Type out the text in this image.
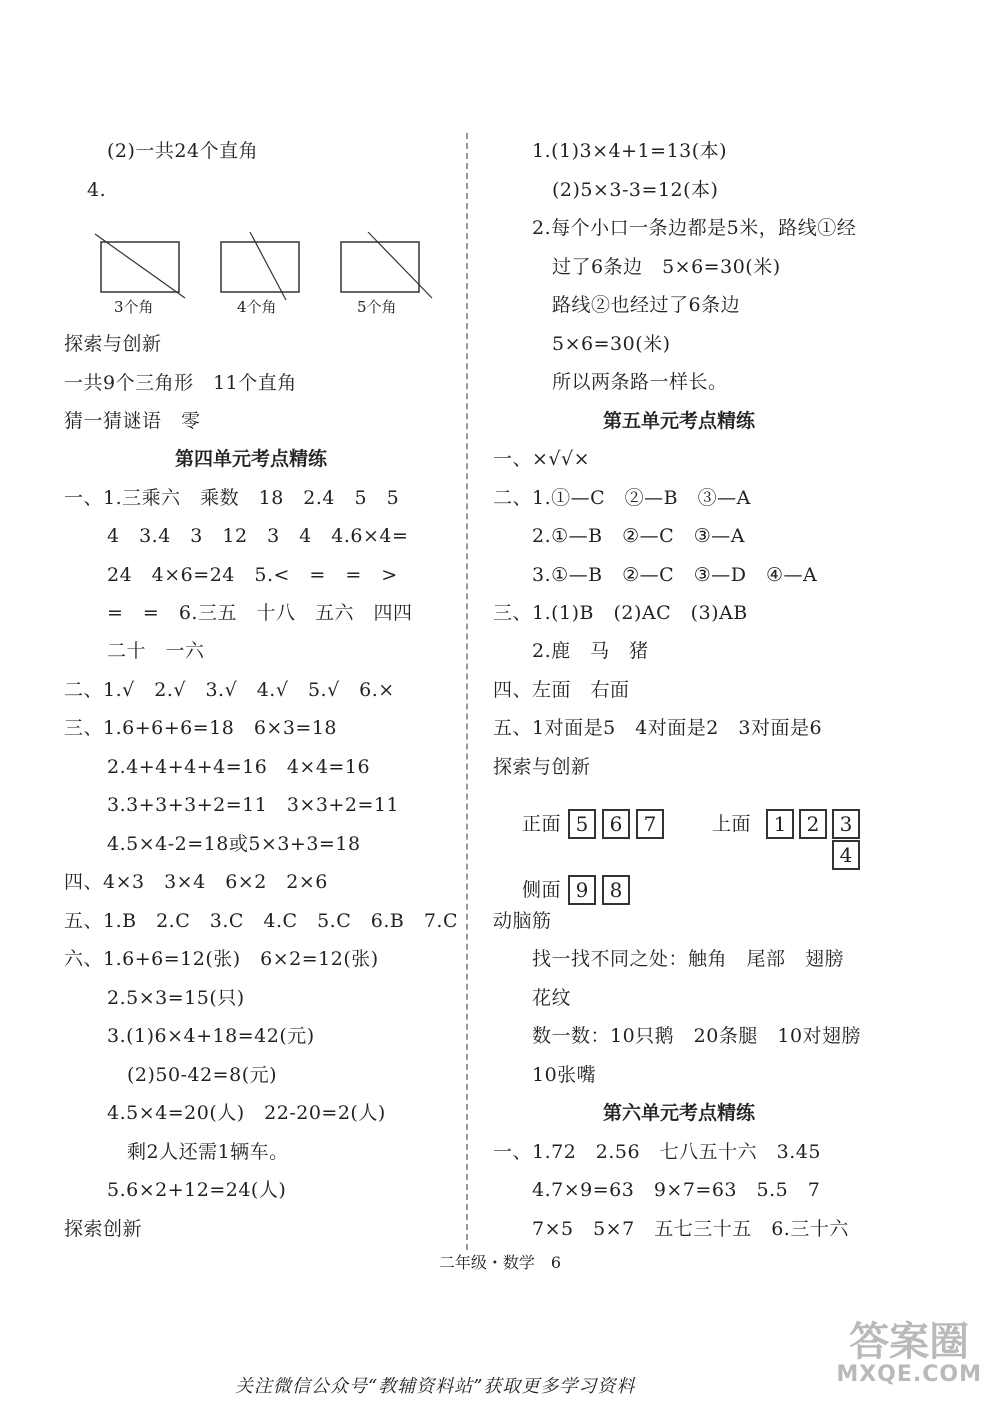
(2)一共24个直角
4.
3个角	4个角	5个角
探索与创新
一共9个三角形　11个直角
猜一猜谜语　零
第四单元考点精练
一、1.三乘六　乘数　18　2.4　5　5
4　3.4　3　12　3　4　4.6×4=
24　4×6=24　5.<　=　=　>
=　=　6.三五　十八　五六　四四
二十　一六
二、1.√　2.√　3.√　4.√　5.√　6.×
三、1.6+6+6=18　6×3=18
2.4+4+4+4=16　4×4=16
3.3+3+3+2=11　3×3+2=11
4.5×4-2=18或5×3+3=18
四、4×3　3×4　6×2　2×6
五、1.B　2.C　3.C　4.C　5.C　6.B　7.C
六、1.6+6=12(张)　6×2=12(张)
2.5×3=15(只)
3.(1)6×4+18=42(元)
(2)50-42=8(元)
4.5×4=20(人)　22-20=2(人)
剩2人还需1辆车。
5.6×2+12=24(人)
探索创新
1.(1)3×4+1=13(本)
(2)5×3-3=12(本)
2.每个小口一条边都是5米，路线①经
过了6条边　5×6=30(米)
路线②也经过了6条边
5×6=30(米)
所以两条路一样长。
第五单元考点精练
一、×√√×
二、1.①—C　②—B　③—A
2.①—B　②—C　③—A
3.①—B　②—C　③—D　④—A
三、1.(1)B　(2)AC　(3)AB
2.鹿　马　猪
四、左面　右面
五、1对面是5　4对面是2　3对面是6
探索与创新
正面 5	6	7	上面	1	2	3
4
侧面 9	8
动脑筋
找一找不同之处：触角　尾部　翅膀
花纹
数一数：10只鹅　20条腿　10对翅膀
10张嘴
第六单元考点精练
一、1.72　2.56　七八五十六　3.45
4.7×9=63　9×7=63　5.5　7
7×5　5×7　五七三十五　6.三十六
二年级・数学　6
关注微信公众号“教辅资料站”获取更多学习资料
答案圈
MXQE.COM
